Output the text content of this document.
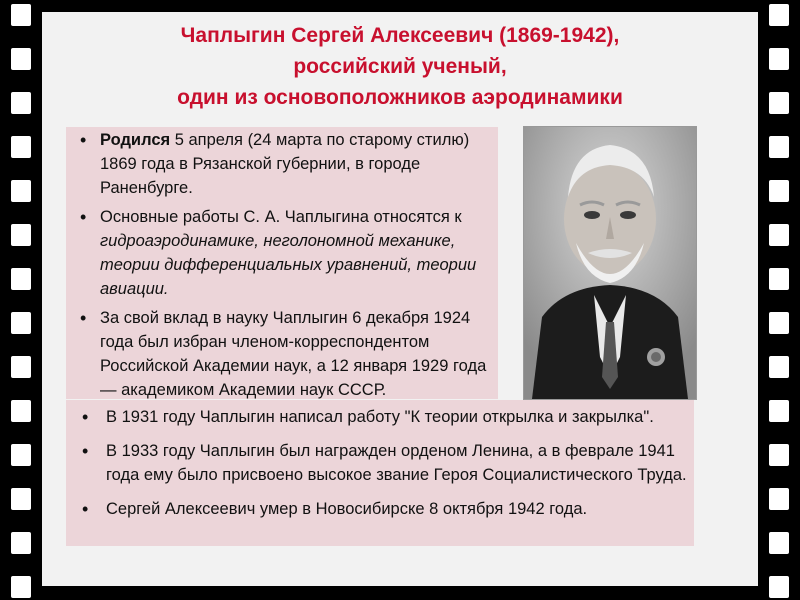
Чаплыгин Сергей Алексеевич (1869-1942),
российский ученый,
один из основоположников аэродинамики
• Родился 5 апреля (24 марта по старому стилю) 1869 года в Рязанской губернии, в городе Раненбурге.
• Основные работы С. А. Чаплыгина относятся к гидроаэродинамике, неголономной механике, теории дифференциальных уравнений, теории авиации.
• За свой вклад в науку Чаплыгин 6 декабря 1924 года был избран членом-корреспондентом Российской Академии наук, а 12 января 1929 года — академиком Академии наук СССР.
• В 1931 году Чаплыгин написал работу "К теории открылка и закрылка".
• В 1933 году Чаплыгин был награжден орденом Ленина, а в феврале 1941 года ему было присвоено высокое звание Героя Социалистического Труда.
• Сергей Алексеевич умер в Новосибирске 8 октября 1942 года.
